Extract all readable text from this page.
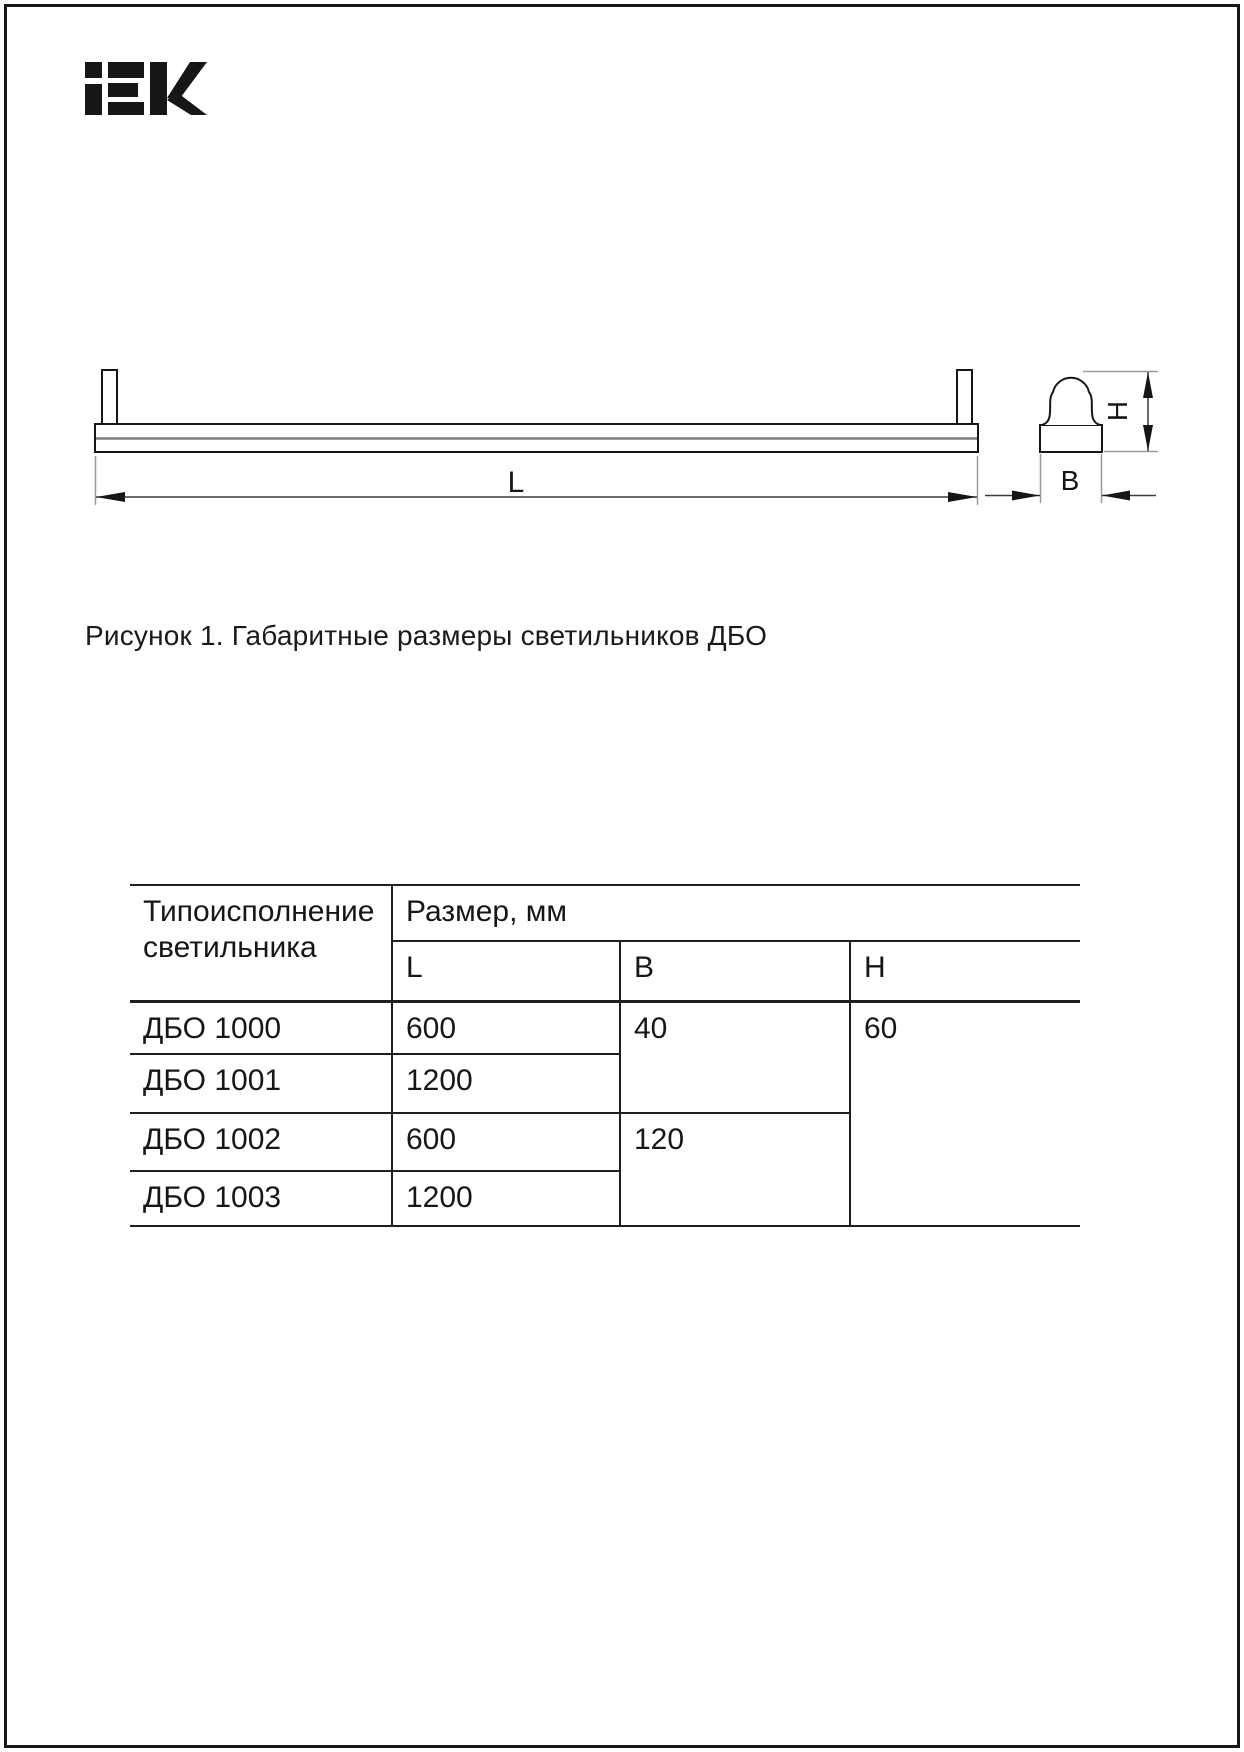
L	B
H
Рисунок 1. Габаритные размеры светильников ДБО
Типоисполнение светильника	Размер, мм		
	L	B	H
ДБО 1000	600	40	60
ДБО 1001	1200		
ДБО 1002	600	120	
ДБО 1003	1200		
